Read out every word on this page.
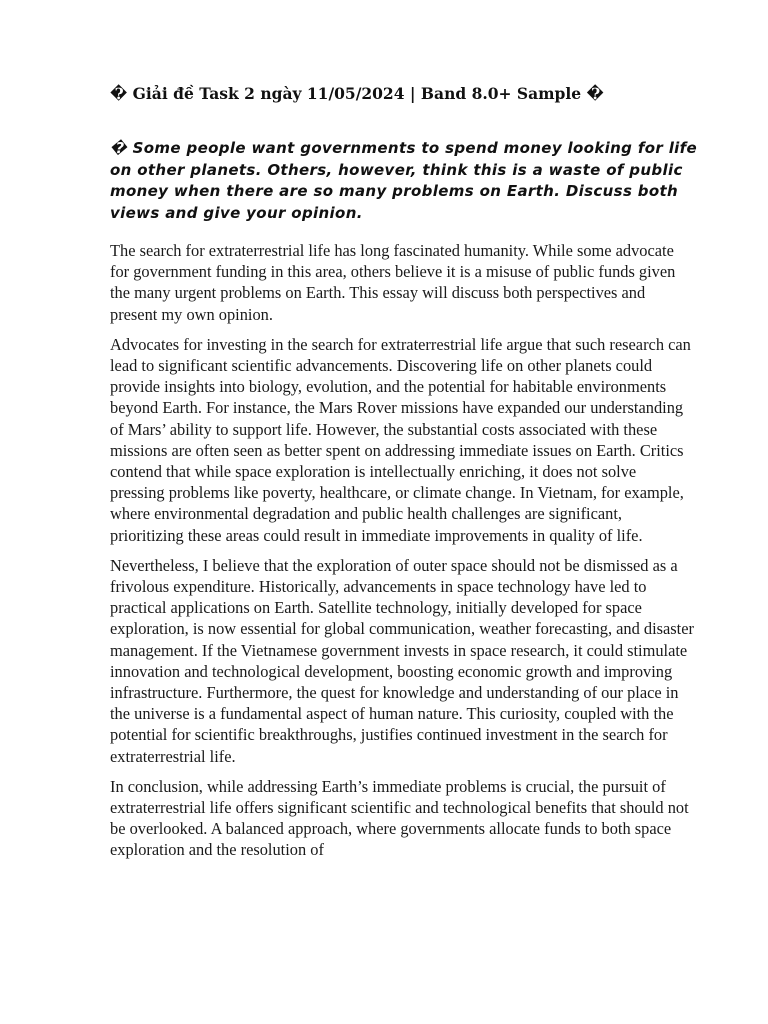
� Giải đề Task 2 ngày 11/05/2024 | Band 8.0+ Sample �
� Some people want governments to spend money looking for life on other planets. Others, however, think this is a waste of public money when there are so many problems on Earth. Discuss both views and give your opinion.

The search for extraterrestrial life has long fascinated humanity. While some advocate for government funding in this area, others believe it is a misuse of public funds given the many urgent problems on Earth. This essay will discuss both perspectives and present my own opinion.

Advocates for investing in the search for extraterrestrial life argue that such research can lead to significant scientific advancements. Discovering life on other planets could provide insights into biology, evolution, and the potential for habitable environments beyond Earth. For instance, the Mars Rover missions have expanded our understanding of Mars’ ability to support life. However, the substantial costs associated with these missions are often seen as better spent on addressing immediate issues on Earth. Critics contend that while space exploration is intellectually enriching, it does not solve pressing problems like poverty, healthcare, or climate change. In Vietnam, for example, where environmental degradation and public health challenges are significant, prioritizing these areas could result in immediate improvements in quality of life.

Nevertheless, I believe that the exploration of outer space should not be dismissed as a frivolous expenditure. Historically, advancements in space technology have led to practical applications on Earth. Satellite technology, initially developed for space exploration, is now essential for global communication, weather forecasting, and disaster management. If the Vietnamese government invests in space research, it could stimulate innovation and technological development, boosting economic growth and improving infrastructure. Furthermore, the quest for knowledge and understanding of our place in the universe is a fundamental aspect of human nature. This curiosity, coupled with the potential for scientific breakthroughs, justifies continued investment in the search for extraterrestrial life.

In conclusion, while addressing Earth’s immediate problems is crucial, the pursuit of extraterrestrial life offers significant scientific and technological benefits that should not be overlooked. A balanced approach, where governments allocate funds to both space exploration and the resolution of
